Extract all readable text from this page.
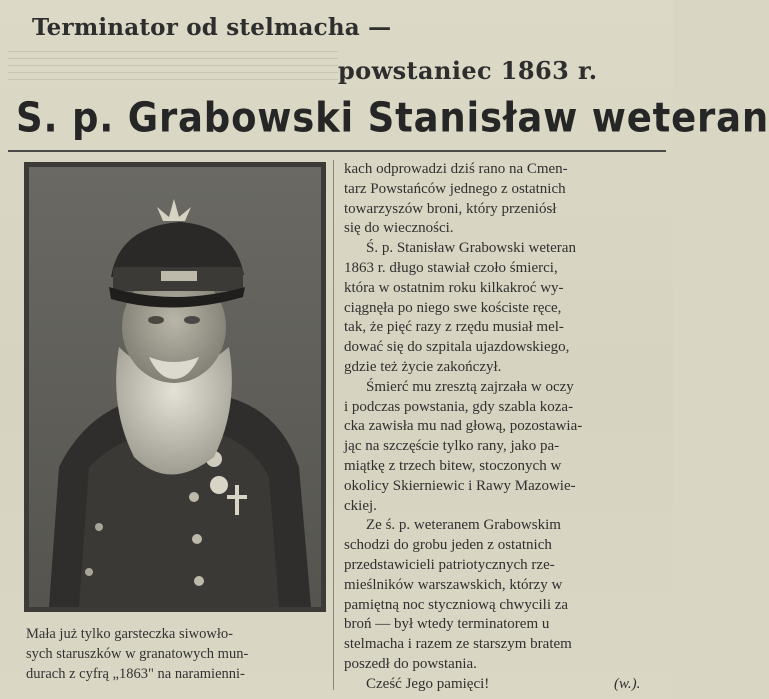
Terminator od stelmacha —
powstaniec 1863 r.
S. p. Grabowski Stanisław weteran
Mała już tylko garsteczka siwowło-
sych staruszków w granatowych mun-
durach z cyfrą „1863" na naramienni-
kach odprowadzi dziś rano na Cmen-
tarz Powstańców jednego z ostatnich
towarzyszów broni, który przeniósł
się do wieczności.
Ś. p. Stanisław Grabowski weteran
1863 r. długo stawiał czoło śmierci,
która w ostatnim roku kilkakroć wy-
ciągnęła po niego swe kościste ręce,
tak, że pięć razy z rzędu musiał mel-
dować się do szpitala ujazdowskiego,
gdzie też życie zakończył.
Śmierć mu zresztą zajrzała w oczy
i podczas powstania, gdy szabla koza-
cka zawisła mu nad głową, pozostawia-
jąc na szczęście tylko rany, jako pa-
miątkę z trzech bitew, stoczonych w
okolicy Skierniewic i Rawy Mazowie-
ckiej.
Ze ś. p. weteranem Grabowskim
schodzi do grobu jeden z ostatnich
przedstawicieli patriotycznych rze-
mieślników warszawskich, którzy w
pamiętną noc styczniową chwycili za
broń — był wtedy terminatorem u
stelmacha i razem ze starszym bratem
poszedł do powstania.
Cześć Jego pamięci!	(w.).
